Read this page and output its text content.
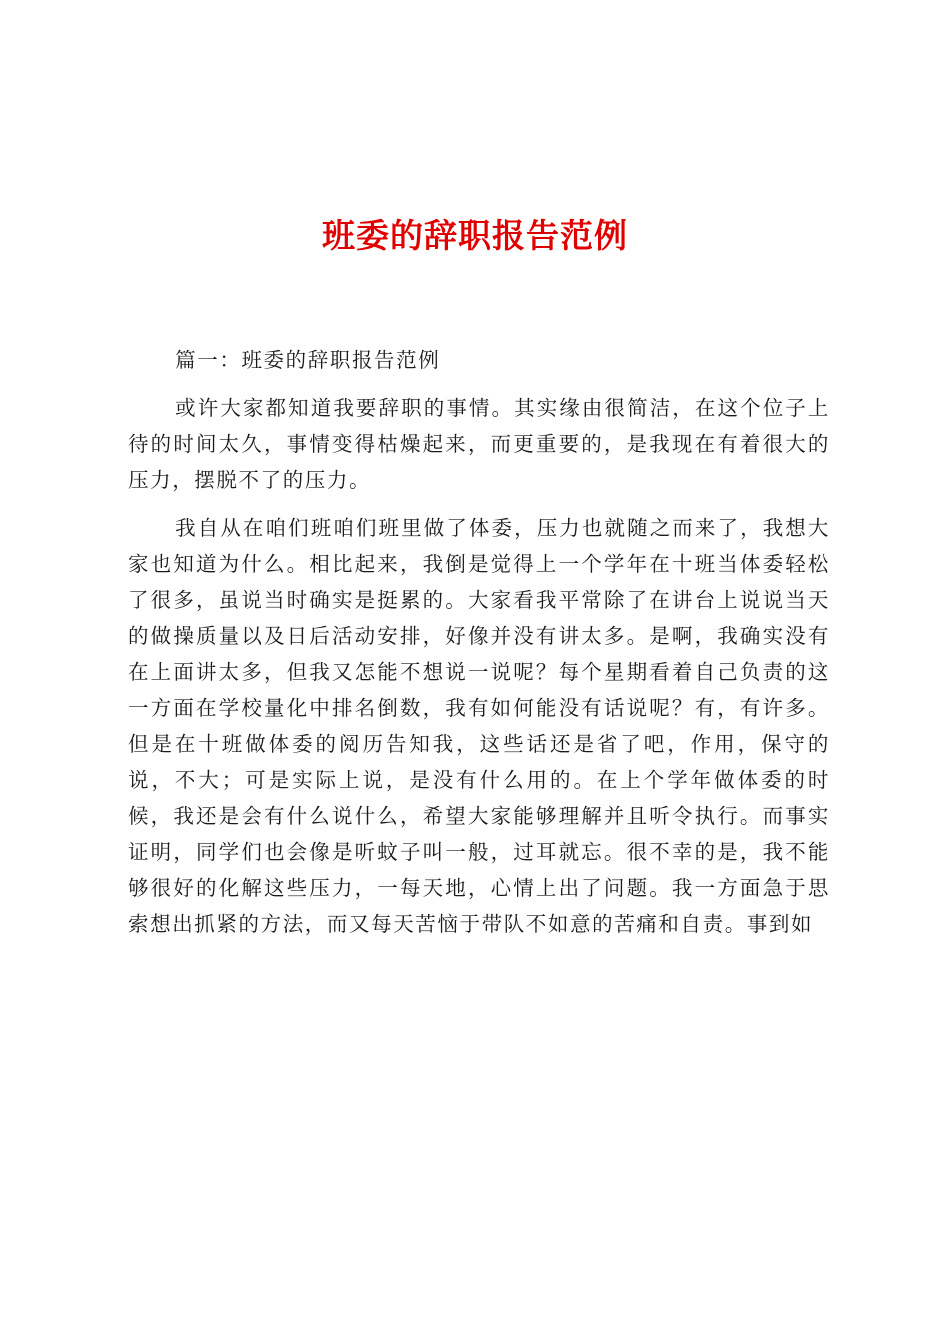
班委的辞职报告范例

篇一：班委的辞职报告范例

或许大家都知道我要辞职的事情。其实缘由很简洁，在这个位子上待的时间太久，事情变得枯燥起来，而更重要的，是我现在有着很大的压力，摆脱不了的压力。

我自从在咱们班咱们班里做了体委，压力也就随之而来了，我想大家也知道为什么。相比起来，我倒是觉得上一个学年在十班当体委轻松了很多，虽说当时确实是挺累的。大家看我平常除了在讲台上说说当天的做操质量以及日后活动安排，好像并没有讲太多。是啊，我确实没有在上面讲太多，但我又怎能不想说一说呢？每个星期看着自己负责的这一方面在学校量化中排名倒数，我有如何能没有话说呢？有，有许多。但是在十班做体委的阅历告知我，这些话还是省了吧，作用，保守的说，不大；可是实际上说，是没有什么用的。在上个学年做体委的时候，我还是会有什么说什么，希望大家能够理解并且听令执行。而事实证明，同学们也会像是听蚊子叫一般，过耳就忘。很不幸的是，我不能够很好的化解这些压力，一每天地，心情上出了问题。我一方面急于思索想出抓紧的方法，而又每天苦恼于带队不如意的苦痛和自责。事到如
